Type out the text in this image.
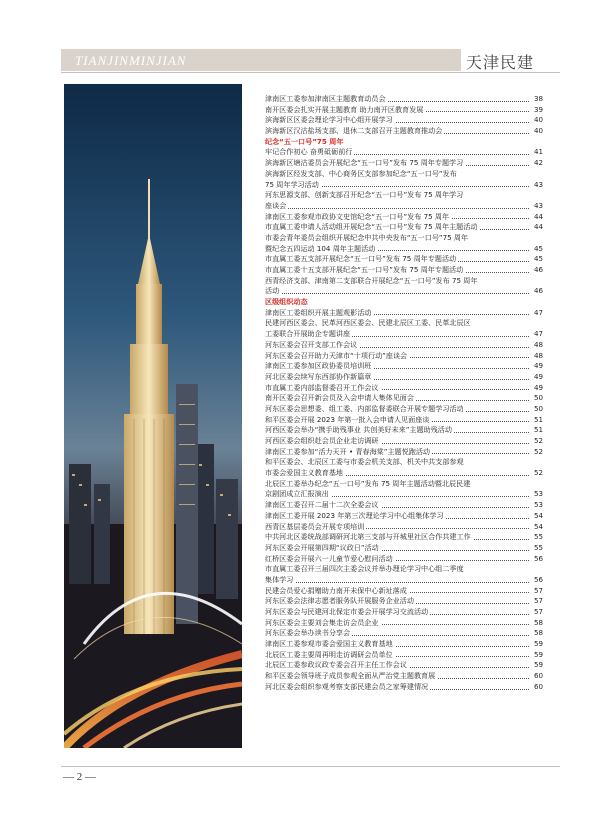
TIANJINMINJIAN	天津民建
津南区工委参加津南区主题教育动员会	38
南开区委会扎实开展主题教育 助力南开区教育发展	39
滨海新区区委会理论学习中心组开展学习	40
滨海新区汉沽盐场支部、退休二支部召开主题教育推动会	40
纪念“五一口号”75 周年
牢记合作初心 奋勇砥砺前行	41
滨海新区塘沽委员会开展纪念“五一口号”发布 75 周年专题学习	42
滨海新区经发支部、中心商务区支部参加纪念“五一口号”发布
75 周年学习活动	43
河东思源支部、创新支部召开纪念“五一口号”发布 75 周年学习
座谈会	43
津南区工委参观市政协文史馆纪念“五一口号”发布 75 周年	44
市直属工委申请人活动组开展纪念“五一口号”发布 75 周年主题活动	44
市委会青年委员会组织开展纪念中共中央发布“五一口号”75 周年
暨纪念五四运动 104 周年主题活动	45
市直属工委五支部开展纪念“五一口号”发布 75 周年专题活动	45
市直属工委十五支部开展纪念“五一口号”发布 75 周年专题活动	46
西青经济支部、津南第二支部联合开展纪念“五一口号”发布 75 周年
活动	46
区级组织动态
津南区工委组织开展主题观影活动	47
民建河西区委会、民革河西区委会、民建北辰区工委、民革北辰区
工委联合开展助企专题讲座	47
河东区委会召开支部工作会议	48
河东区委会召开助力天津市“十项行动”座谈会	48
津南区工委参加区政协委员培训班	49
河北区委会续写东西部协作新篇章	49
市直属工委内部监督委召开工作会议	49
南开区委会召开新会员及入会申请人集体见面会	50
河东区委会思想委、组工委、内部监督委联合开展专题学习活动	50
和平区委会开展 2023 年第一批入会申请人见面座谈	51
河西区委会举办“携手助残事业 共创美好未来”主题助残活动	51
河西区委会组织赴会员企业走访调研	52
津南区工委参加“活力天开 • 青春海棠”主题悦跑活动	52
和平区委会、北辰区工委与市委会机关支部、机关中共支部参观
市委会爱国主义教育基地	52
北辰区工委举办纪念“五一口号”发布 75 周年主题活动暨北辰民建
京剧团成立汇报演出	53
津南区工委召开二届十二次全委会议	53
津南区工委开展 2023 年第三次理论学习中心组集体学习	54
西青区基层委员会开展专项培训	54
中共河北区委统战部调研河北第三支部与开城里社区合作共建工作	55
河东区委会开展第四期“议政日”活动	55
红桥区委会开展六一儿童节爱心慰问活动	56
市直属工委召开三届四次主委会议并举办理论学习中心组二季度
集体学习	56
民建会员爱心捐赠助力南开未保中心新址落成	57
河东区委会法律志愿者服务队开展服务企业活动	57
河东区委会与民建河北保定市委会开展学习交流活动	57
河东区委会主要刘会集走访会员企业	58
河东区委会举办读书分享会	58
津南区工委参观市委会爱国主义教育基地	59
北辰区工委主要周再明走访调研会员单位	59
北辰区工委参政议政专委会召开主任工作会议	59
和平区委会领导班子成员参观全面从严治党主题教育展	60
河北区委会组织参观考察支部民建会员之家筹建情况	60
— 2 —
